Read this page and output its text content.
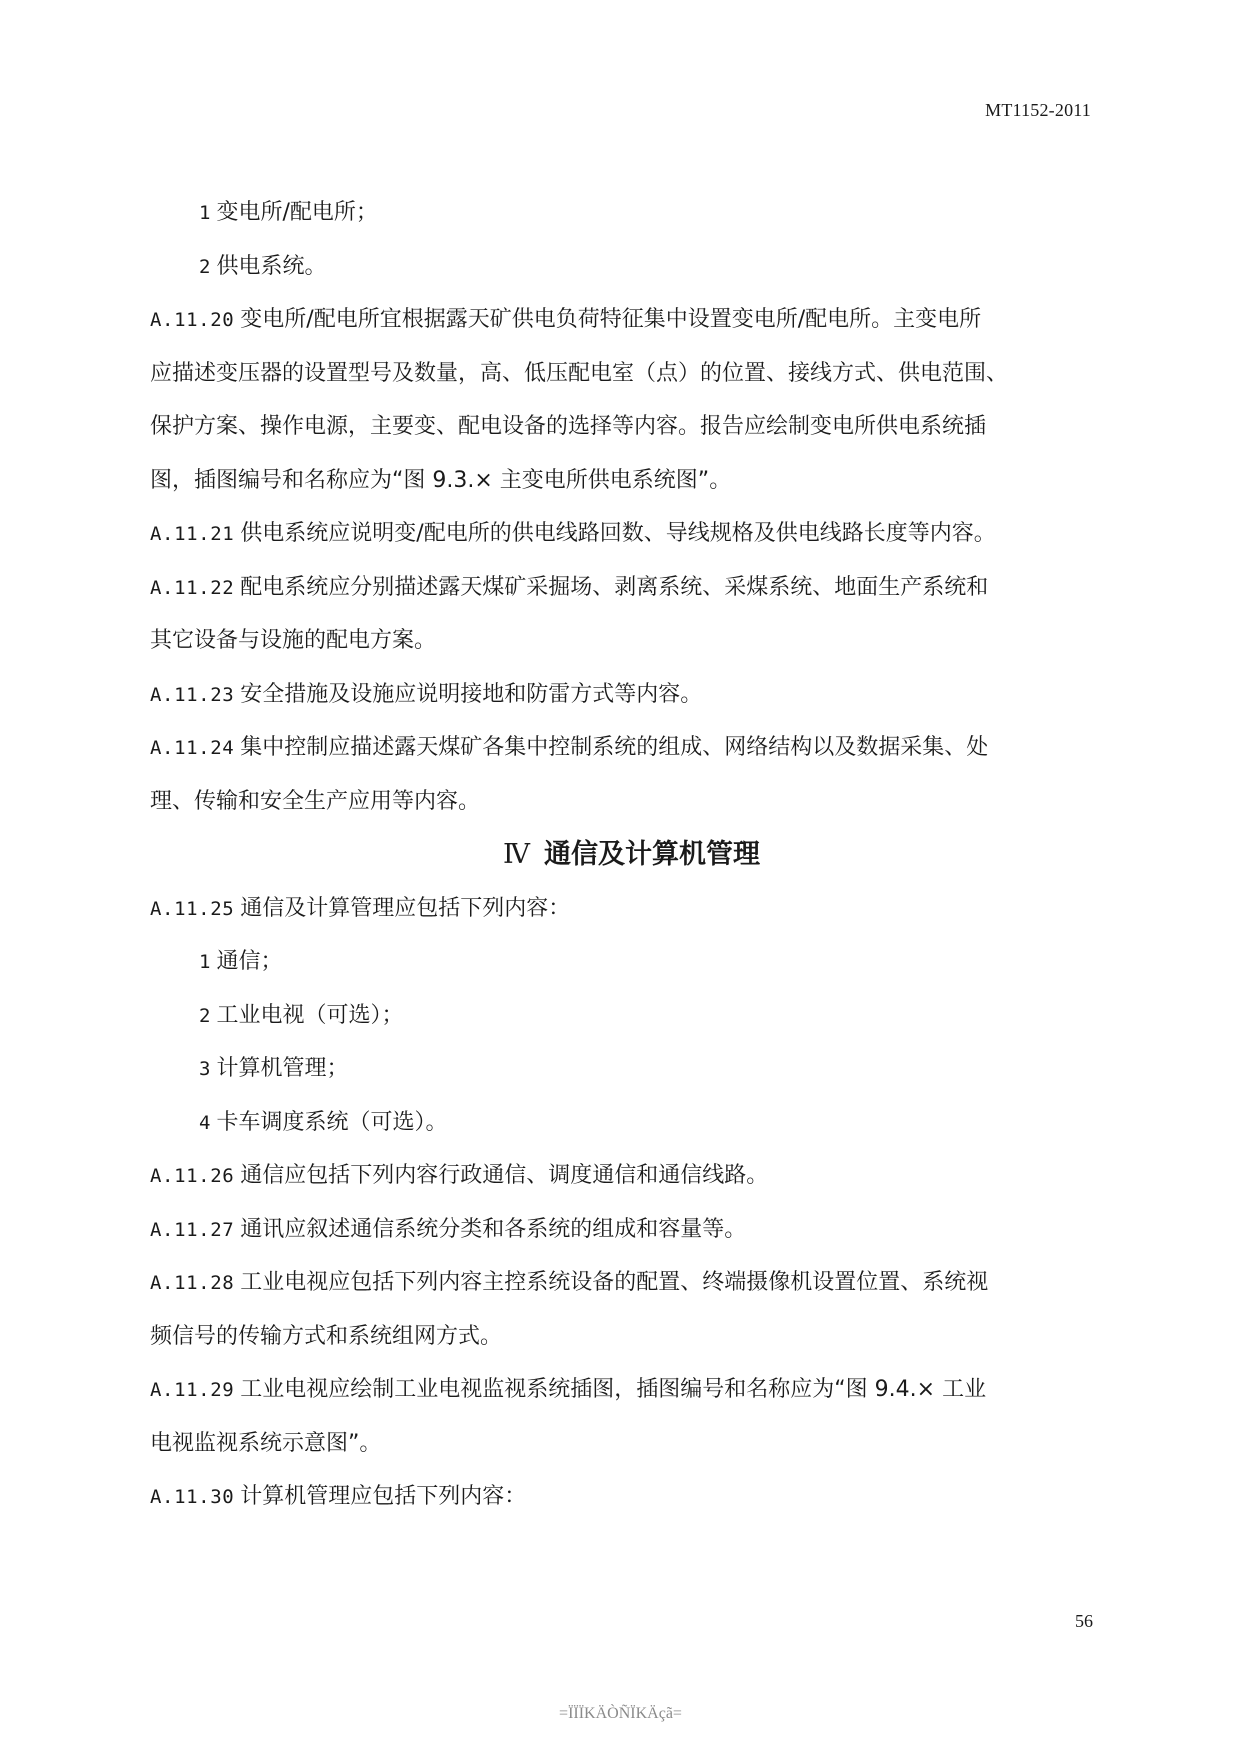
MT1152-2011
1 变电所/配电所；
2 供电系统。
A.11.20 变电所/配电所宜根据露天矿供电负荷特征集中设置变电所/配电所。主变电所
应描述变压器的设置型号及数量，高、低压配电室（点）的位置、接线方式、供电范围、
保护方案、操作电源，主要变、配电设备的选择等内容。报告应绘制变电所供电系统插
图，插图编号和名称应为“图 9.3.× 主变电所供电系统图”。
A.11.21 供电系统应说明变/配电所的供电线路回数、导线规格及供电线路长度等内容。
A.11.22 配电系统应分别描述露天煤矿采掘场、剥离系统、采煤系统、地面生产系统和
其它设备与设施的配电方案。
A.11.23 安全措施及设施应说明接地和防雷方式等内容。
A.11.24 集中控制应描述露天煤矿各集中控制系统的组成、网络结构以及数据采集、处
理、传输和安全生产应用等内容。
Ⅳ 通信及计算机管理
A.11.25 通信及计算管理应包括下列内容：
1 通信；
2 工业电视（可选）；
3 计算机管理；
4 卡车调度系统（可选）。
A.11.26 通信应包括下列内容行政通信、调度通信和通信线路。
A.11.27 通讯应叙述通信系统分类和各系统的组成和容量等。
A.11.28 工业电视应包括下列内容主控系统设备的配置、终端摄像机设置位置、系统视
频信号的传输方式和系统组网方式。
A.11.29 工业电视应绘制工业电视监视系统插图，插图编号和名称应为“图 9.4.× 工业
电视监视系统示意图”。
A.11.30 计算机管理应包括下列内容：
56
=ÏÏÏKÄÒÑÏKÄçã=
